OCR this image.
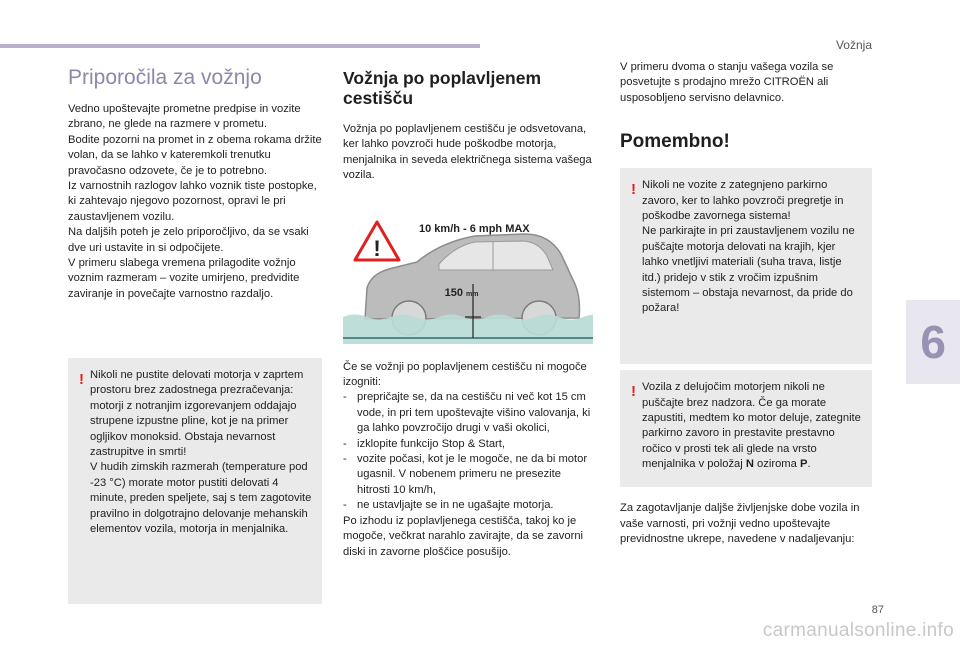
Vožnja
Priporočila za vožnjo
Vedno upoštevajte prometne predpise in vozite zbrano, ne glede na razmere v prometu.
Bodite pozorni na promet in z obema rokama držite volan, da se lahko v kateremkoli trenutku pravočasno odzovete, če je to potrebno.
Iz varnostnih razlogov lahko voznik tiste postopke, ki zahtevajo njegovo pozornost, opravi le pri zaustavljenem vozilu.
Na daljših poteh je zelo priporočljivo, da se vsaki dve uri ustavite in si odpočijete.
V primeru slabega vremena prilagodite vožnjo voznim razmeram – vozite umirjeno, predvidite zaviranje in povečajte varnostno razdaljo.
! Nikoli ne pustite delovati motorja v zaprtem prostoru brez zadostnega prezračevanja: motorji z notranjim izgorevanjem oddajajo strupene izpustne pline, kot je na primer ogljikov monoksid. Obstaja nevarnost zastrupitve in smrti!
V hudih zimskih razmerah (temperature pod -23 °C) morate motor pustiti delovati 4 minute, preden speljete, saj s tem zagotovite pravilno in dolgotrajno delovanje mehanskih elementov vozila, motorja in menjalnika.
Vožnja po poplavljenem cestišču
Vožnja po poplavljenem cestišču je odsvetovana, ker lahko povzroči hude poškodbe motorja, menjalnika in seveda električnega sistema vašega vozila.
!
10 km/h - 6 mph MAX
150 mm
Če se vožnji po poplavljenem cestišču ni mogoče izogniti:
- prepričajte se, da na cestišču ni več kot 15 cm vode, in pri tem upoštevajte višino valovanja, ki ga lahko povzročijo drugi v vaši okolici,
- izklopite funkcijo Stop & Start,
- vozite počasi, kot je le mogoče, ne da bi motor ugasnil. V nobenem primeru ne presezite hitrosti 10 km/h,
- ne ustavljajte se in ne ugašajte motorja.
Po izhodu iz poplavljenega cestišča, takoj ko je mogoče, večkrat narahlo zavirajte, da se zavorni diski in zavorne ploščice posušijo.
V primeru dvoma o stanju vašega vozila se posvetujte s prodajno mrežo CITROËN ali usposobljeno servisno delavnico.
Pomembno!
! Nikoli ne vozite z zategnjeno parkirno zavoro, ker to lahko povzroči pregretje in poškodbe zavornega sistema!
Ne parkirajte in pri zaustavljenem vozilu ne puščajte motorja delovati na krajih, kjer lahko vnetljivi materiali (suha trava, listje itd.) pridejo v stik z vročim izpušnim sistemom – obstaja nevarnost, da pride do požara!
! Vozila z delujočim motorjem nikoli ne puščajte brez nadzora. Če ga morate zapustiti, medtem ko motor deluje, zategnite parkirno zavoro in prestavite prestavno ročico v prosti tek ali glede na vrsto menjalnika v položaj N oziroma P.
Za zagotavljanje daljše življenjske dobe vozila in vaše varnosti, pri vožnji vedno upoštevajte previdnostne ukrepe, navedene v nadaljevanju:
6
87
carmanualsonline.info
